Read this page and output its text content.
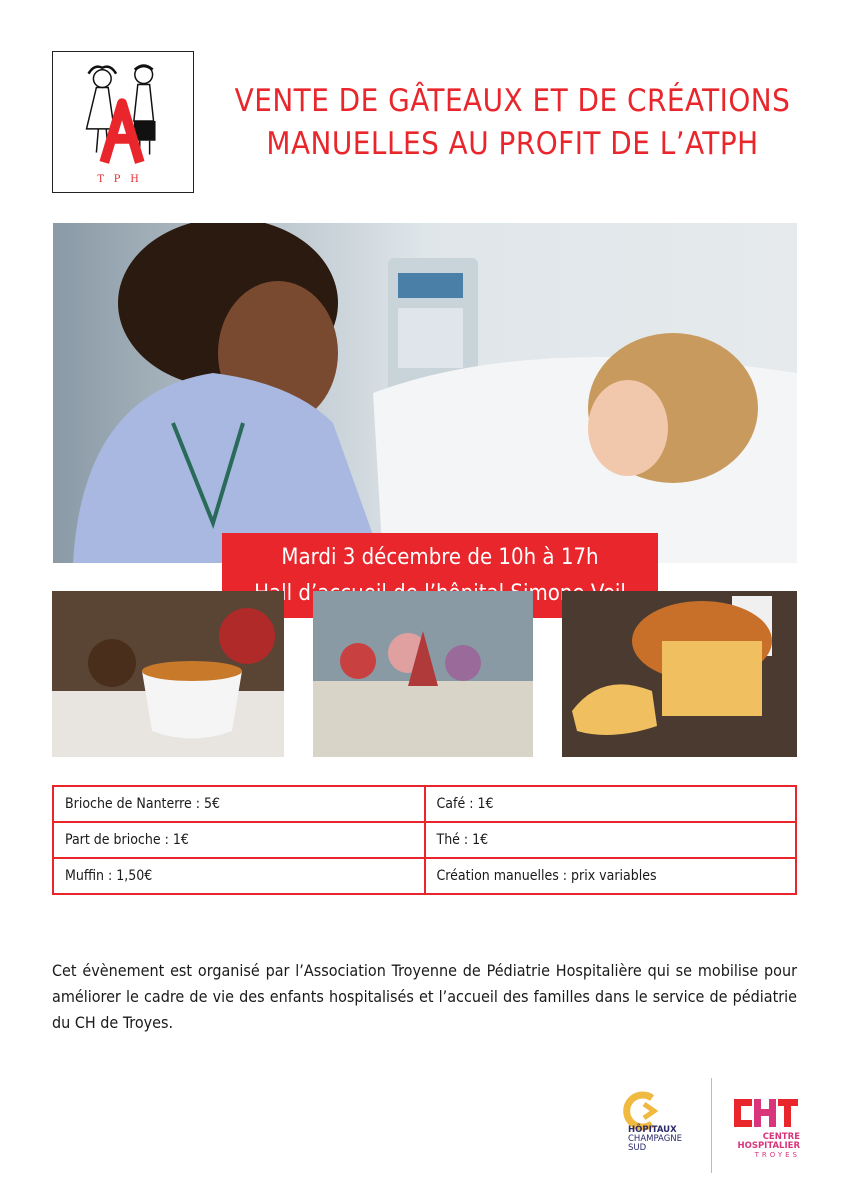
TPH
VENTE DE GÂTEAUX ET DE CRÉATIONS
MANUELLES AU PROFIT DE L’ATPH
Mardi 3 décembre de 10h à 17h
Simone
Brioche de Nanterre : 5€	Café : 1€
Part de brioche : 1€	Thé : 1€
Muffin : 1,50€	Création manuelles : prix variables
Cet évènement est organisé par l’Association Troyenne de Pédiatrie Hospitalière qui se mobilise pour améliorer le cadre de vie des enfants hospitalisés et l’accueil des familles dans le service de pédiatrie du CH de Troyes.
HÔPITAUX
CHAMPAGNE
SUD
CENTRE
HOSPITALIER
TROYES
